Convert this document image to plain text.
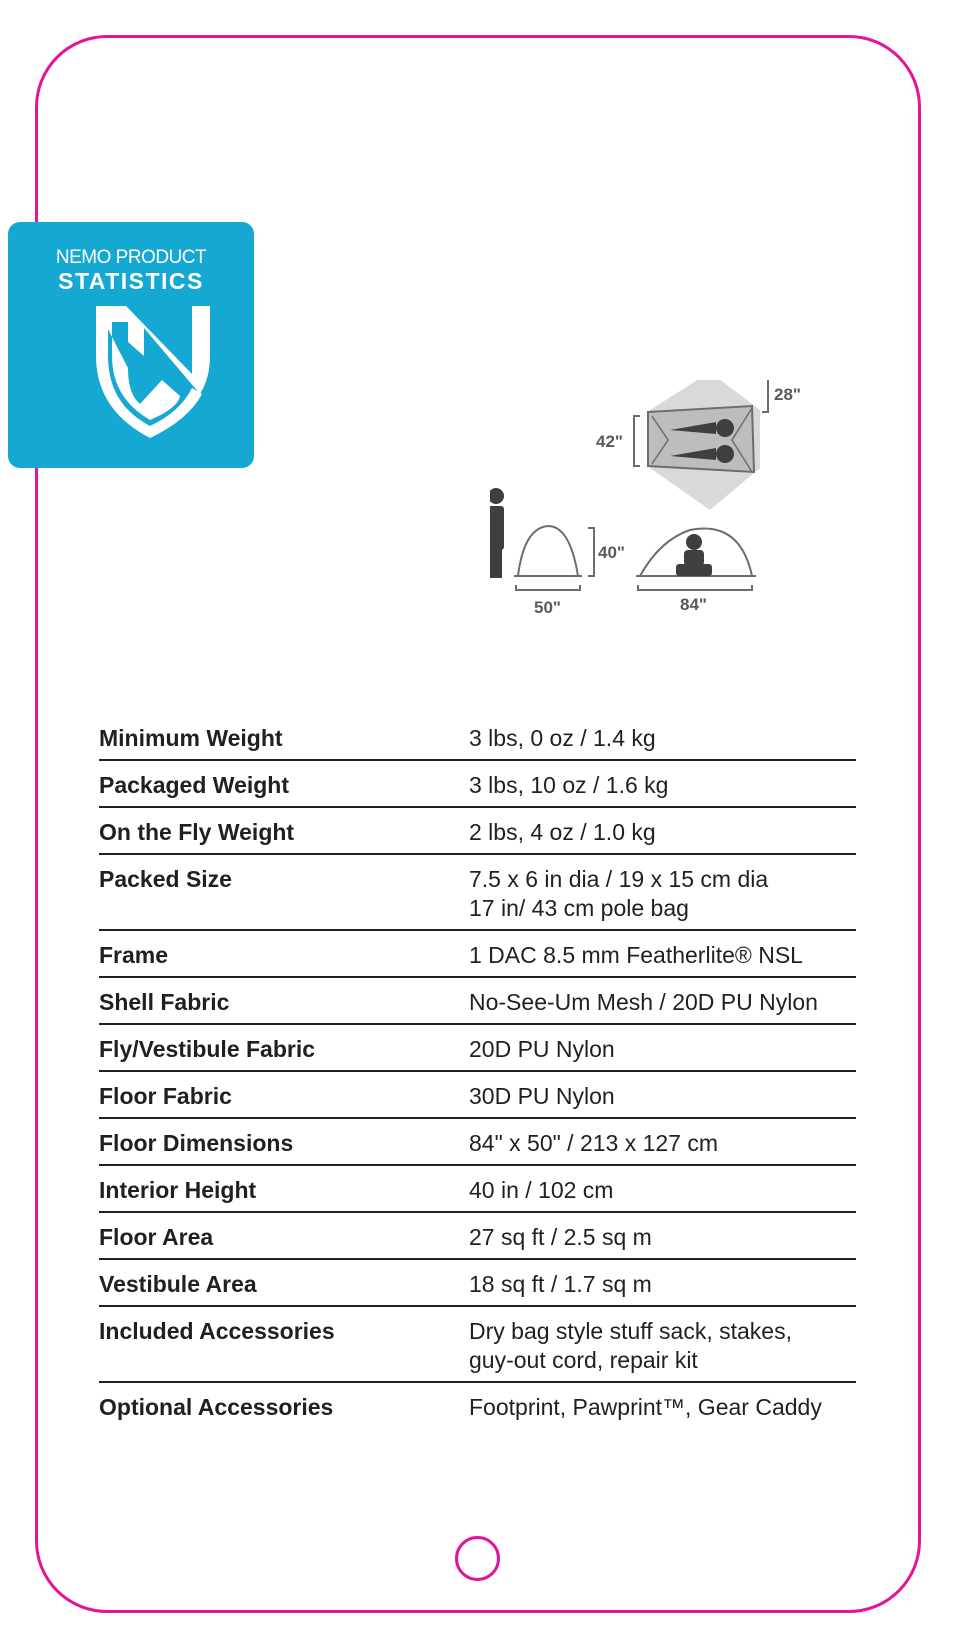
NEMO PRODUCT
STATISTICS
28"
42"
50"
40"
84"
Minimum Weight	3 lbs, 0 oz / 1.4 kg
Packaged Weight	3 lbs, 10 oz / 1.6 kg
On the Fly Weight	2 lbs, 4 oz / 1.0 kg
Packed Size	7.5 x 6 in dia / 19 x 15 cm dia
17 in/ 43 cm pole bag
Frame	1 DAC 8.5 mm Featherlite® NSL
Shell Fabric	No-See-Um Mesh / 20D PU Nylon
Fly/Vestibule Fabric	20D PU Nylon
Floor Fabric	30D PU Nylon
Floor Dimensions	84" x 50" / 213 x 127 cm
Interior Height	40 in / 102 cm
Floor Area	27 sq ft / 2.5 sq m
Vestibule Area	18 sq ft / 1.7 sq m
Included Accessories	Dry bag style stuff sack, stakes,
guy-out cord, repair kit
Optional Accessories	Footprint, Pawprint™, Gear Caddy
